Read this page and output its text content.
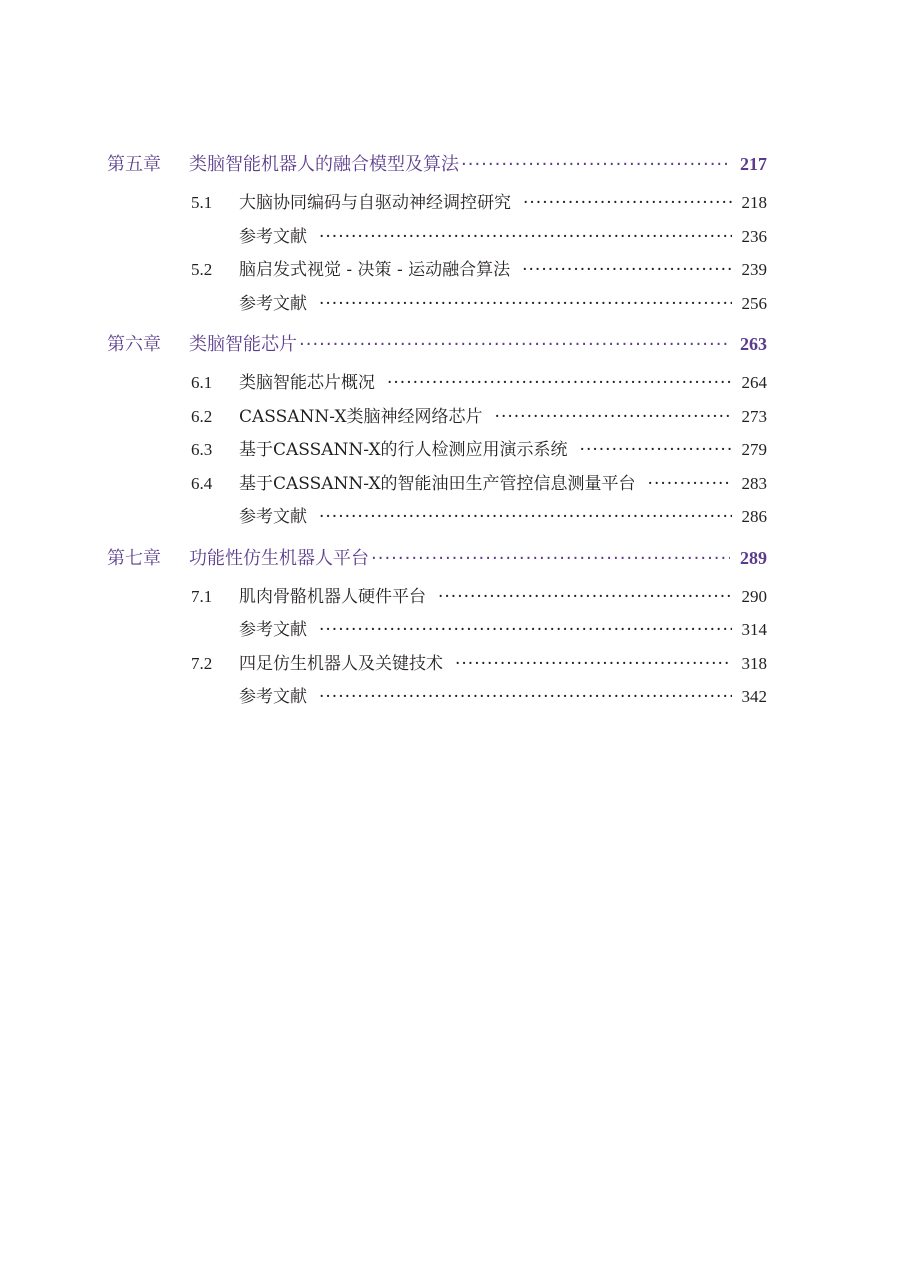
第五章	类脑智能机器人的融合模型及算法 ·····	217
5.1	大脑协同编码与自驱动神经调控研究 ·····	218
参考文献 ·····	236
5.2	脑启发式视觉 - 决策 - 运动融合算法 ·····	239
参考文献 ·····	256
第六章	类脑智能芯片 ·····	263
6.1	类脑智能芯片概况 ·····	264
6.2	CASSANN-X类脑神经网络芯片 ·····	273
6.3	基于CASSANN-X的行人检测应用演示系统 ·····	279
6.4	基于CASSANN-X的智能油田生产管控信息测量平台 ·····	283
参考文献 ·····	286
第七章	功能性仿生机器人平台 ·····	289
7.1	肌肉骨骼机器人硬件平台 ·····	290
参考文献 ·····	314
7.2	四足仿生机器人及关键技术 ·····	318
参考文献 ·····	342
